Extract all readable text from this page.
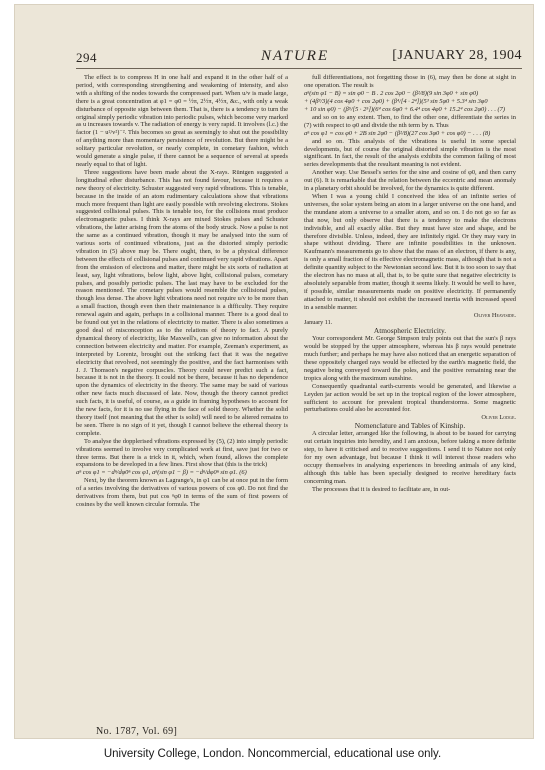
294	NATURE	[JANUARY 28, 1904

The effect is to compress H in one half and expand it in the other half of a period, with corresponding strengthening and weakening of intensity, and also with a shifting of the nodes towards the compressed part. When u/v is made large, there is a great concentration at φ1 = φ0 = ½π, 2½π, 4½π, &c., with only a weak disturbance of opposite sign between them. That is, there is a tendency to turn the original simply periodic vibration into periodic pulses, which become very marked as u increases towards v. The radiation of energy is very rapid. It involves (l.c.) the factor (1 − u²/v²)⁻². This becomes so great as seemingly to shut out the possibility of anything more than momentary persistence of revolution. But there might be a solitary particular revolution, or nearly complete, in cometary fashion, which would generate a single pulse, if there cannot be a sequence of several at speeds nearly equal to that of light.

Three suggestions have been made about the X-rays. Rüntgen suggested a longitudinal ether disturbance. This has not found favour, because it requires a new theory of electricity. Schuster suggested very rapid vibrations. This is tenable, because in the inside of an atom rudimentary calculations show that vibrations much more frequent than light are easily possible with revolving electrons. Stokes suggested collisional pulses. This is tenable too, for the collisions must produce electromagnetic pulses. I think X-rays are mixed Stokes pulses and Schuster vibrations, the latter arising from the atoms of the body struck. Now a pulse is not the same as a continued vibration, though it may be analysed into the sum of various sorts of continued vibrations, just as the distorted simply periodic vibration in (5) above may be. There ought, then, to be a physical difference between the effects of collisional pulses and continued very rapid vibrations. Apart from the emission of electrons and matter, there might be six sorts of radiation at least, say, light vibrations, below light, above light, collisional pulses, cometary pulses, and possibly periodic pulses. The last may have to be excluded for the reason mentioned. The cometary pulses would resemble the collisional pulses, though less dense. The above light vibrations need not require u/v to be more than a small fraction, though even then their maintenance is a difficulty. They require renewal again and again, perhaps in a collisional manner. There is a good deal to be found out yet in the relations of electricity to matter. There is also sometimes a good deal of misconception as to the relations of theory to fact. A purely dynamical theory of electricity, like Maxwell's, can give no information about the connection between electricity and matter. For example, Zeeman's experiment, as interpreted by Lorentz, brought out the striking fact that it was the negative electricity that revolved, not seemingly the positive, and the fact harmonises with J. J. Thomson's negative corpuscles. Theory could never predict such a fact, because it is not in the theory. It could not be there, because it has no dependence upon the dynamics of electricity in the theory. The same may be said of various other new facts much discussed of late. Now, though the theory cannot predict such facts, it is useful, of course, as a guide in framing hypotheses to account for the new facts, for it is no use flying in the face of solid theory. Whether the solid theory itself (not meaning that the ether is solid) will need to be altered remains to be seen. There is no sign of it yet, though I cannot believe the ethereal theory is complete.

To analyse the dopplerised vibrations expressed by (5), (2) into simply periodic vibrations seemed to involve very complicated work at first, save just for two or three terms. But there is a trick in it, which, when found, allows the complete expansions to be developed in a few lines. First show that (this is the trick)

aⁿ cos φ1 = −dⁿ/dφ0ⁿ cos φ1, aⁿ(sin φ1 − β) = −dⁿ/dφ0ⁿ sin φ1. (6)

Next, by the theorem known as Lagrange's, in φ1 can be at once put in the form of a series involving the derivatives of various powers of cos φ0. Do not find the derivatives from them, but put cos ⁿφ0 in terms of the sum of first powers of cosines by the well known circular formula. The

full differentiations, not forgetting those in (6), may then be done at sight in one operation. The result is

aⁿ(sin φ1 − B) = sin φ0 − B . 2 cos 2φ0 − (β²/8)(9 sin 3φ0 + sin φ0)

+ (4β³/3)(4 cos 4φ0 + cos 2φ0) + (β⁴/[4 · 2⁴])(5³ sin 5φ0 + 5.3⁴ sin 3φ0

+ 10 sin φ0) − (β⁵/[5 · 2⁵])(6⁴ cos 6φ0 + 6.4⁴ cos 4φ0 + 15.2⁴ cos 2φ0) . . . (7)

and so on to any extent. Then, to find the other one, differentiate the series in (7) with respect to φ0 and divide the nth term by n. Thus

aⁿ cos φ1 = cos φ0 + 2B sin 2φ0 − (β²/8)(27 cos 3φ0 + cos φ0) − . . . (8)

and so on. This analysis of the vibrations is useful in some special developments, but of course the original distorted simple vibration is the most significant. In fact, the result of the analysis exhibits the common failing of most series developments that the resultant meaning is not evident.

Another way. Use Bessel's series for the sine and cosine of φ0, and then carry out (6). It is remarkable that the relation between the eccentric and mean anomaly in a planetary orbit should be involved, for the dynamics is quite different.

When I was a young child I conceived the idea of an infinite series of universes, the solar system being an atom in a larger universe on the one hand, and the mundane atom a universe to a smaller atom, and so on. I do not go so far as that now, but only observe that there is a tendency to make the electrons indivisible, and all exactly alike. But they must have size and shape, and be therefore divisible. Unless, indeed, they are infinitely rigid. Or they may vary in shape without dividing. There are infinite possibilities in the unknown. Kaufmann's measurements go to show that the mass of an electron, if there is any, is only a small fraction of its effective electromagnetic mass, although that is not a definite quantity subject to the Newtonian second law. But it is too soon to say that the electron has no mass at all, that is, to be quite sure that negative electricity is absolutely separable from matter, though it seems likely. It would be well to have, if possible, similar measurements made on positive electricity. If permanently attached to matter, it should not exhibit the increased inertia with increased speed in a sensible manner.

Oliver Heaviside.

January 11.

Atmospheric Electricity.

Your correspondent Mr. George Simpson truly points out that the sun's β rays would be stopped by the upper atmosphere, whereas his β rays would penetrate much further; and perhaps he may have also noticed that an energetic separation of these oppositely charged rays would be effected by the earth's magnetic field, the negative being conveyed toward the poles, and the positive remaining near the tropics along with the maximum sunshine.

Consequently quadrantal earth-currents would be generated, and likewise a Leyden jar action would be set up in the tropical region of the lower atmosphere, sufficient to account for prevalent tropical thunderstorms. Some magnetic perturbations could also be accounted for.

Oliver Lodge.

Nomenclature and Tables of Kinship.

A circular letter, arranged like the following, is about to be issued for carrying out certain inquiries into heredity, and I am anxious, before taking a more definite step, to have it criticised and to receive suggestions. I send it to Nature not only for my own advantage, but because I think it will interest those readers who occupy themselves in analysing experiences in breeding animals of any kind, although this table has been specially designed to receive hereditary facts concerning man.

The processes that it is desired to facilitate are, in out-

No. 1787, Vol. 69]
University College, London. Noncommercial, educational use only.
